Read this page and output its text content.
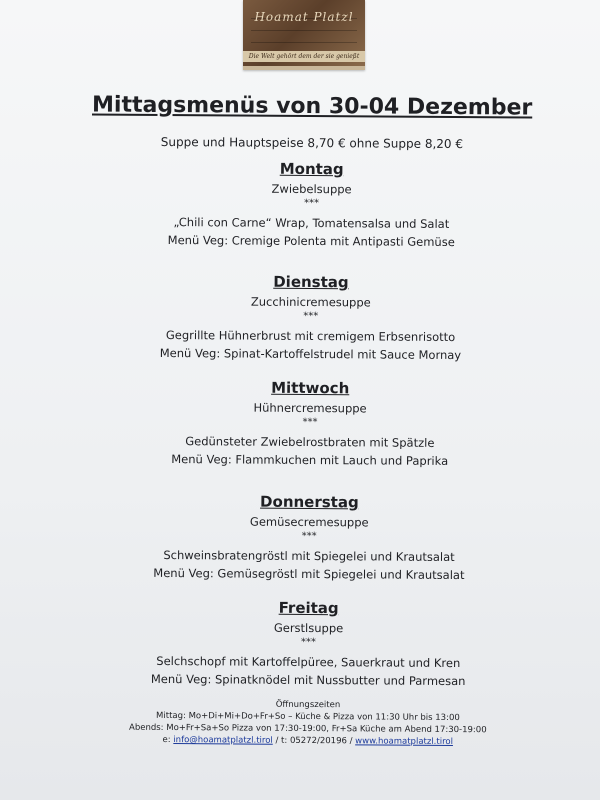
Hoamat Platzl
Die Welt gehört dem der sie genießt
Mittagsmenüs von 30-04 Dezember
Suppe und Hauptspeise 8,70 € ohne Suppe 8,20 €
Montag
Zwiebelsuppe
***
„Chili con Carne“ Wrap, Tomatensalsa und Salat
Menü Veg: Cremige Polenta mit Antipasti Gemüse
Dienstag
Zucchinicremesuppe
***
Gegrillte Hühnerbrust mit cremigem Erbsenrisotto
Menü Veg: Spinat-Kartoffelstrudel mit Sauce Mornay
Mittwoch
Hühnercremesuppe
***
Gedünsteter Zwiebelrostbraten mit Spätzle
Menü Veg: Flammkuchen mit Lauch und Paprika
Donnerstag
Gemüsecremesuppe
***
Schweinsbratengröstl mit Spiegelei und Krautsalat
Menü Veg: Gemüsegröstl mit Spiegelei und Krautsalat
Freitag
Gerstlsuppe
***
Selchschopf mit Kartoffelpüree, Sauerkraut und Kren
Menü Veg: Spinatknödel mit Nussbutter und Parmesan
Öffnungszeiten
Mittag: Mo+Di+Mi+Do+Fr+So – Küche & Pizza von 11:30 Uhr bis 13:00
Abends: Mo+Fr+Sa+So Pizza von 17:30-19:00, Fr+Sa Küche am Abend 17:30-19:00
e: info@hoamatplatzl.tirol / t: 05272/20196 / www.hoamatplatzl.tirol
